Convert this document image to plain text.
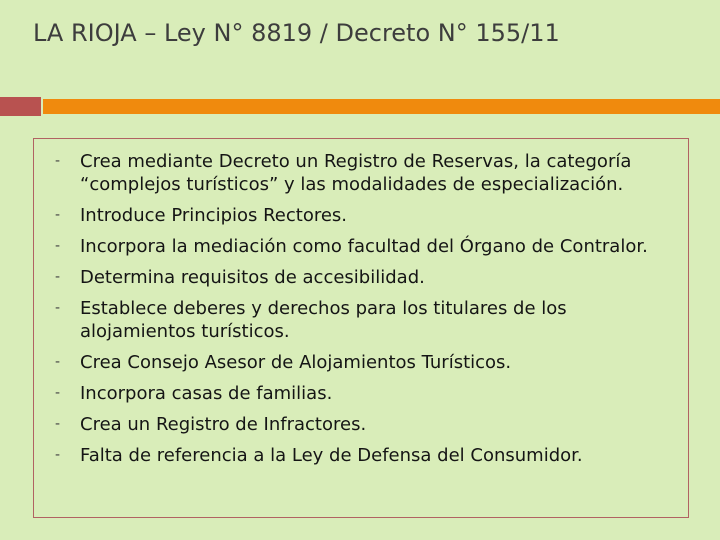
LA RIOJA – Ley N° 8819 / Decreto N° 155/11
- Crea mediante Decreto un Registro de Reservas, la categoría “complejos turísticos” y las modalidades de especialización.
- Introduce Principios Rectores.
- Incorpora la mediación como facultad del Órgano de Contralor.
- Determina requisitos de accesibilidad.
- Establece deberes y derechos para los titulares de los alojamientos turísticos.
- Crea Consejo Asesor de Alojamientos Turísticos.
- Incorpora casas de familias.
- Crea un Registro de Infractores.
- Falta de referencia a la Ley de Defensa del Consumidor.
